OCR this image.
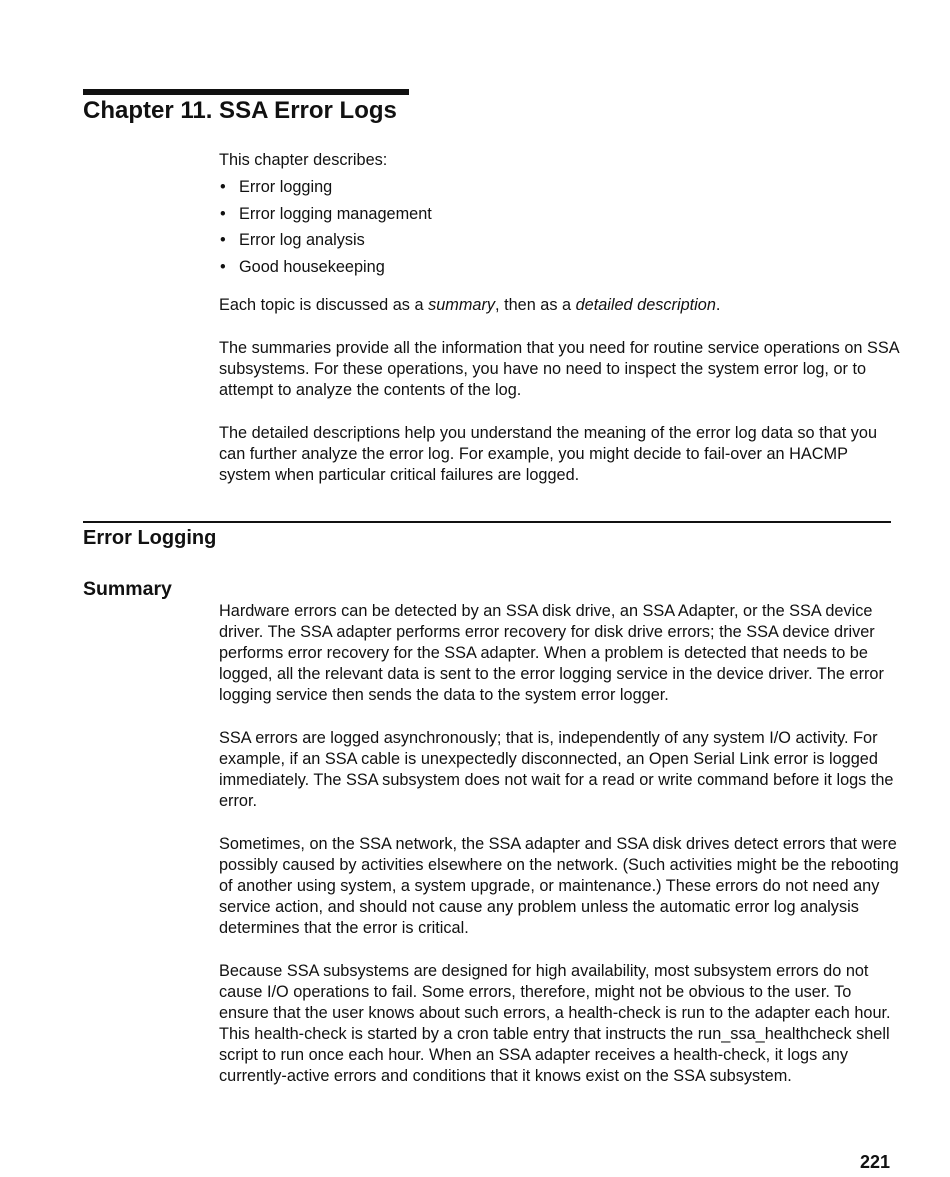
Chapter 11. SSA Error Logs

This chapter describes:

• Error logging
• Error logging management
• Error log analysis
• Good housekeeping

Each topic is discussed as a summary, then as a detailed description.

The summaries provide all the information that you need for routine service operations on SSA subsystems. For these operations, you have no need to inspect the system error log, or to attempt to analyze the contents of the log.

The detailed descriptions help you understand the meaning of the error log data so that you can further analyze the error log. For example, you might decide to fail-over an HACMP system when particular critical failures are logged.

Error Logging
Summary

Hardware errors can be detected by an SSA disk drive, an SSA Adapter, or the SSA device driver. The SSA adapter performs error recovery for disk drive errors; the SSA device driver performs error recovery for the SSA adapter. When a problem is detected that needs to be logged, all the relevant data is sent to the error logging service in the device driver. The error logging service then sends the data to the system error logger.

SSA errors are logged asynchronously; that is, independently of any system I/O activity. For example, if an SSA cable is unexpectedly disconnected, an Open Serial Link error is logged immediately. The SSA subsystem does not wait for a read or write command before it logs the error.

Sometimes, on the SSA network, the SSA adapter and SSA disk drives detect errors that were possibly caused by activities elsewhere on the network. (Such activities might be the rebooting of another using system, a system upgrade, or maintenance.) These errors do not need any service action, and should not cause any problem unless the automatic error log analysis determines that the error is critical.

Because SSA subsystems are designed for high availability, most subsystem errors do not cause I/O operations to fail. Some errors, therefore, might not be obvious to the user. To ensure that the user knows about such errors, a health-check is run to the adapter each hour. This health-check is started by a cron table entry that instructs the run_ssa_healthcheck shell script to run once each hour. When an SSA adapter receives a health-check, it logs any currently-active errors and conditions that it knows exist on the SSA subsystem.

221
